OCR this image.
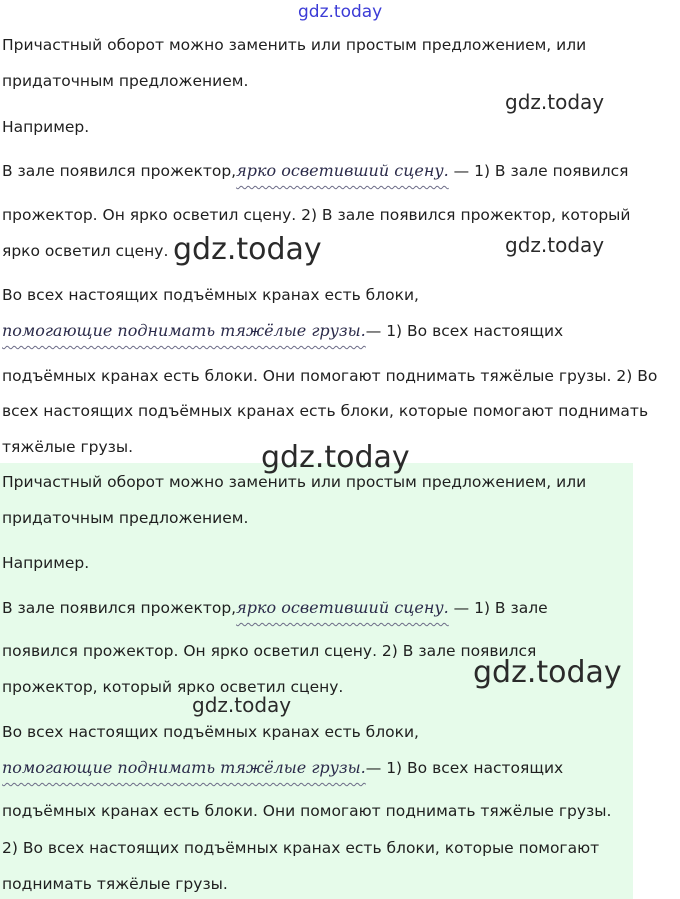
gdz.today
Причастный оборот можно заменить или простым предложением, или
придаточным предложением.
Например.
В зале появился прожектор,ярко осветивший сцену. — 1) В зале появился
прожектор. Он ярко осветил сцену. 2) В зале появился прожектор, который
ярко осветил сцену.
Во всех настоящих подъёмных кранах есть блоки,
помогающие поднимать тяжёлые грузы.— 1) Во всех настоящих
подъёмных кранах есть блоки. Они помогают поднимать тяжёлые грузы. 2) Во
всех настоящих подъёмных кранах есть блоки, которые помогают поднимать
тяжёлые грузы.
Причастный оборот можно заменить или простым предложением, или
придаточным предложением.
Например.
В зале появился прожектор,ярко осветивший сцену. — 1) В зале
появился прожектор. Он ярко осветил сцену. 2) В зале появился
прожектор, который ярко осветил сцену.
Во всех настоящих подъёмных кранах есть блоки,
помогающие поднимать тяжёлые грузы.— 1) Во всех настоящих
подъёмных кранах есть блоки. Они помогают поднимать тяжёлые грузы.
2) Во всех настоящих подъёмных кранах есть блоки, которые помогают
поднимать тяжёлые грузы.
gdz.today
gdz.today	gdz.today
gdz.today
gdz.today
gdz.today
